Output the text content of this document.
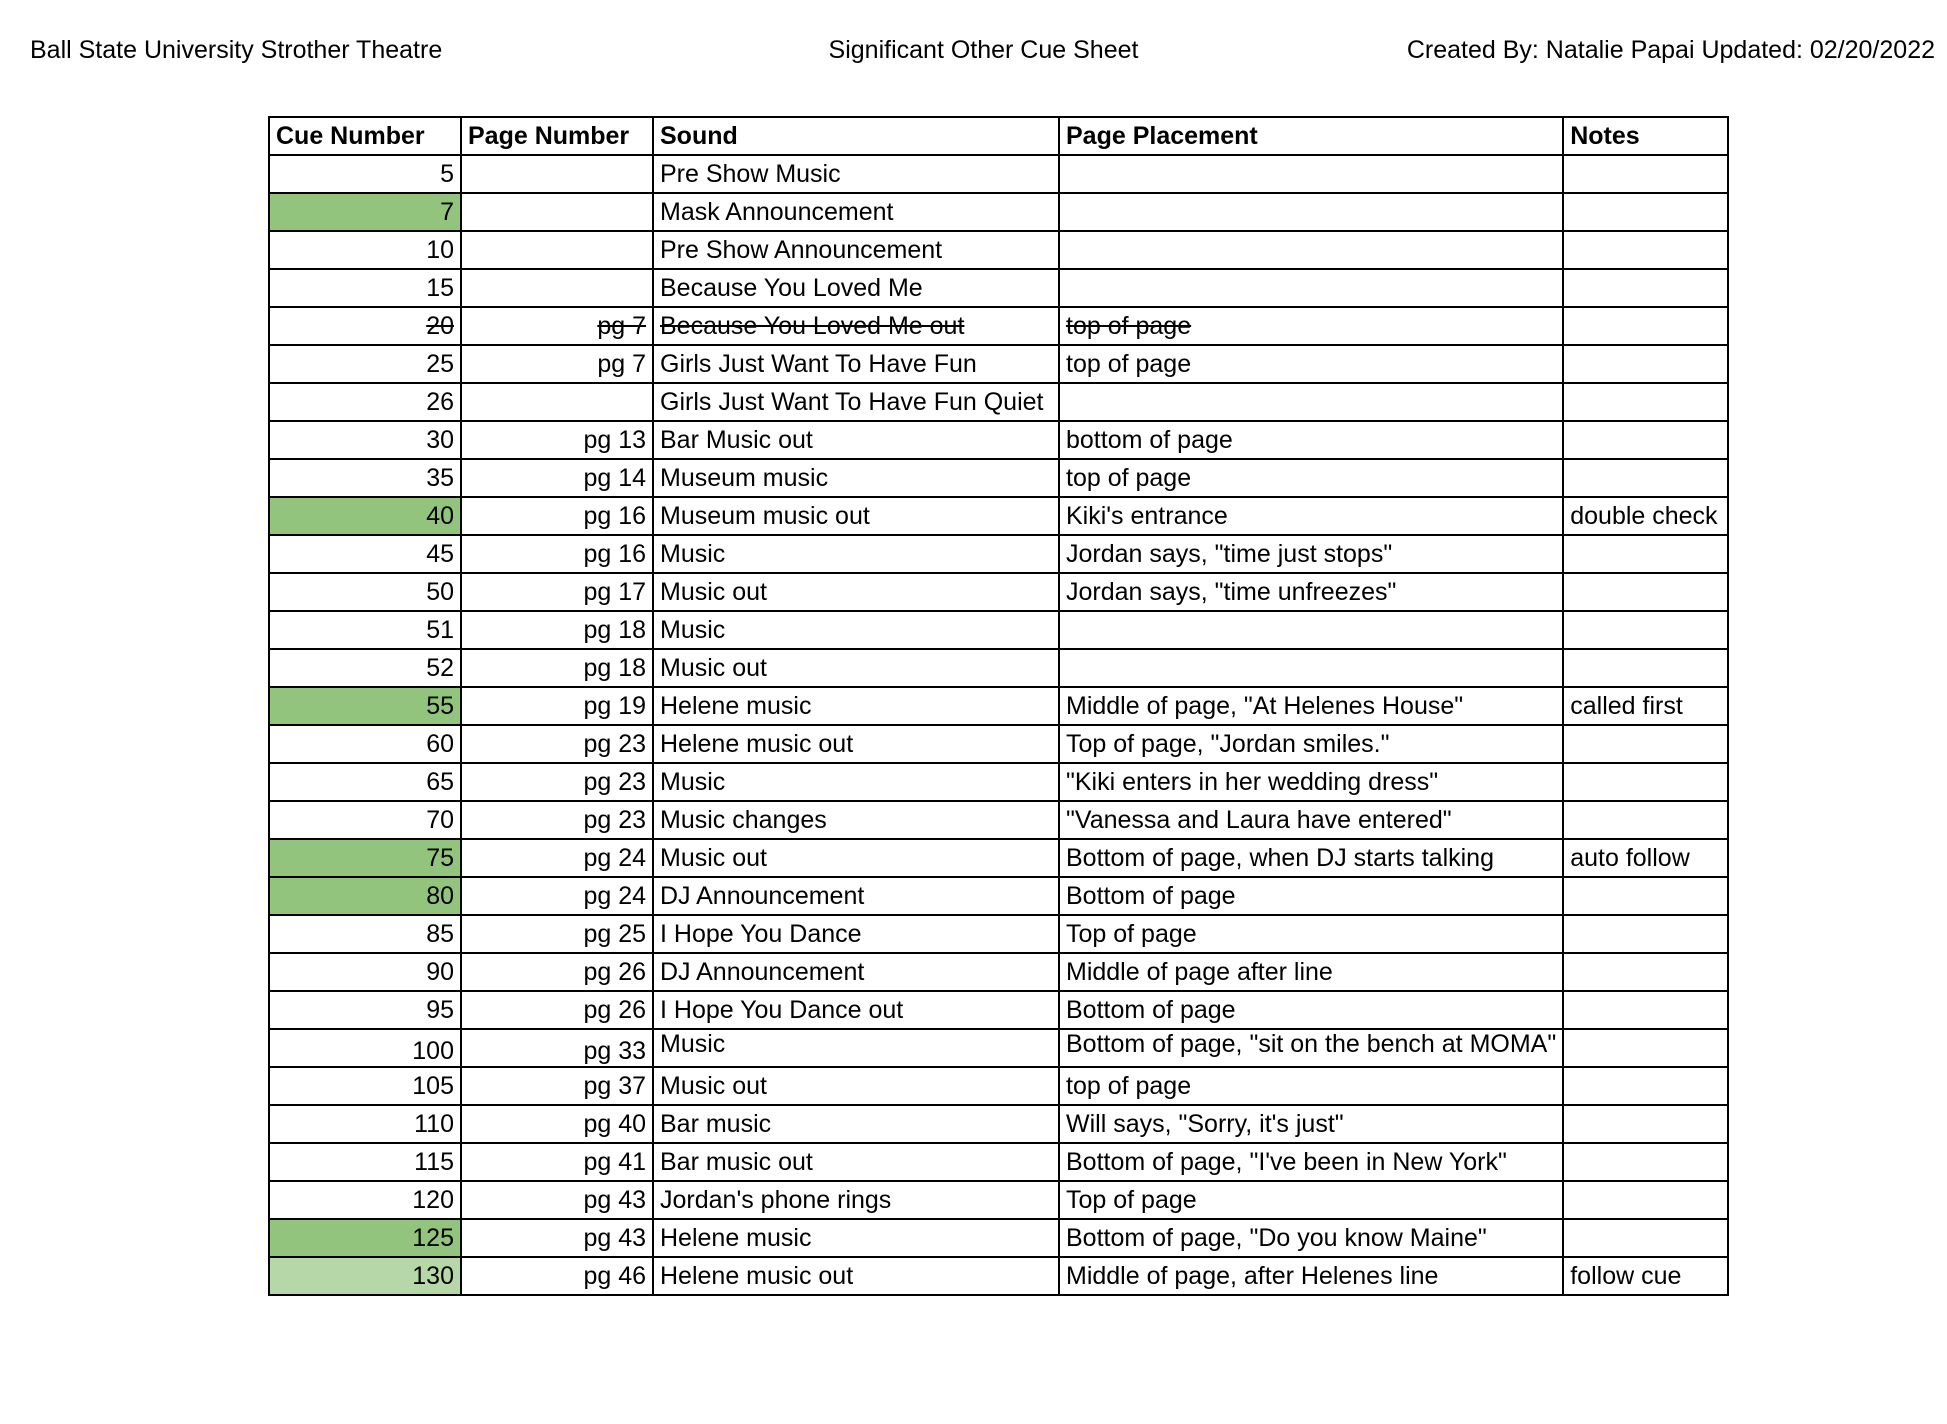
Ball State University Strother Theatre	Significant Other Cue Sheet	Created By: Natalie Papai Updated: 02/20/2022
Cue Number	Page Number	Sound	Page Placement	Notes
5		Pre Show Music		
7		Mask Announcement		
10		Pre Show Announcement		
15		Because You Loved Me		
20	pg 7	Because You Loved Me out	top of page	
25	pg 7	Girls Just Want To Have Fun	top of page	
26		Girls Just Want To Have Fun Quiet		
30	pg 13	Bar Music out	bottom of page	
35	pg 14	Museum music	top of page	
40	pg 16	Museum music out	Kiki's entrance	double check
45	pg 16	Music	Jordan says, "time just stops"	
50	pg 17	Music out	Jordan says, "time unfreezes"	
51	pg 18	Music		
52	pg 18	Music out		
55	pg 19	Helene music	Middle of page, "At Helenes House"	called first
60	pg 23	Helene music out	Top of page, "Jordan smiles."	
65	pg 23	Music	"Kiki enters in her wedding dress"	
70	pg 23	Music changes	"Vanessa and Laura have entered"	
75	pg 24	Music out	Bottom of page, when DJ starts talking	auto follow
80	pg 24	DJ Announcement	Bottom of page	
85	pg 25	I Hope You Dance	Top of page	
90	pg 26	DJ Announcement	Middle of page after line	
95	pg 26	I Hope You Dance out	Bottom of page	
100	pg 33	Music	Bottom of page, "sit on the bench at MOMA"	
105	pg 37	Music out	top of page	
110	pg 40	Bar music	Will says, "Sorry, it's just"	
115	pg 41	Bar music out	Bottom of page, "I've been in New York"	
120	pg 43	Jordan's phone rings	Top of page	
125	pg 43	Helene music	Bottom of page, "Do you know Maine"	
130	pg 46	Helene music out	Middle of page, after Helenes line	follow cue
